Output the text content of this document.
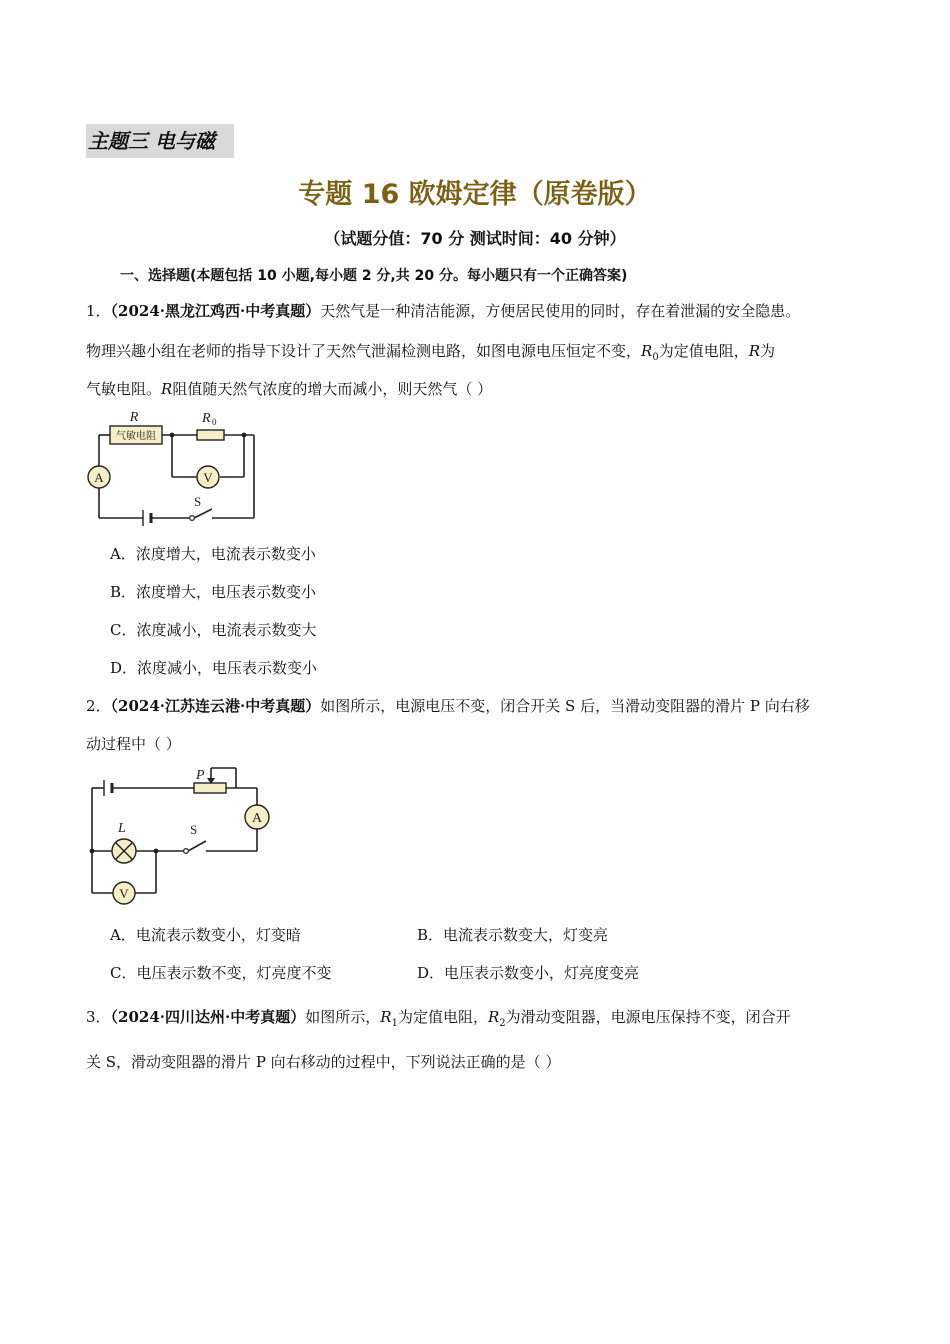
主题三 电与磁
专题 16 欧姆定律（原卷版）
（试题分值：70 分 测试时间：40 分钟）
一、选择题(本题包括 10 小题,每小题 2 分,共 20 分。每小题只有一个正确答案)
1．（2024·黑龙江鸡西·中考真题）天然气是一种清洁能源，方便居民使用的同时，存在着泄漏的安全隐患。
物理兴趣小组在老师的指导下设计了天然气泄漏检测电路，如图电源电压恒定不变，$R_0$为定值电阻，R为
气敏电阻。R阻值随天然气浓度的增大而减小，则天然气（ ）
气敏电阻
R	R 0
A	V
S
A．浓度增大，电流表示数变小
B．浓度增大，电压表示数变小
C．浓度减小，电流表示数变大
D．浓度减小，电压表示数变小
2．（2024·江苏连云港·中考真题）如图所示，电源电压不变，闭合开关 S 后，当滑动变阻器的滑片 P 向右移
动过程中（ ）
P
A
L	S
V
A．电流表示数变小，灯变暗	B．电流表示数变大，灯变亮
C．电压表示数不变，灯亮度不变	D．电压表示数变小，灯亮度变亮
3．（2024·四川达州·中考真题）如图所示，$R_1$为定值电阻，$R_2$为滑动变阻器，电源电压保持不变，闭合开
关 S，滑动变阻器的滑片 P 向右移动的过程中，下列说法正确的是（ ）
